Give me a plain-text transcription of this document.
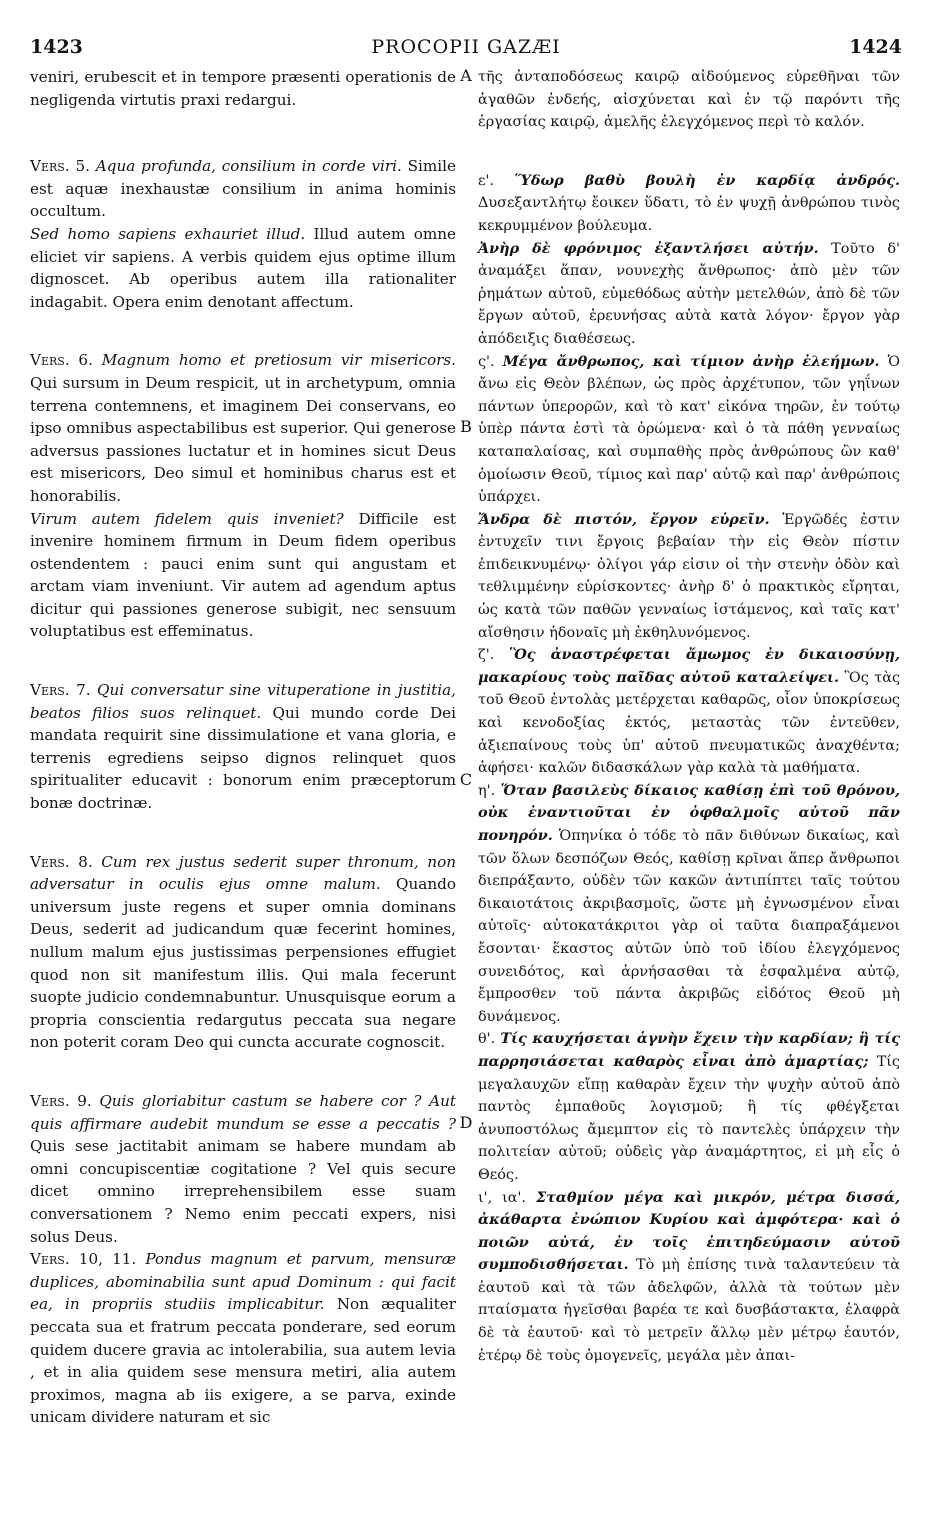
1423	PROCOPII GAZÆI	1424
A
B
C
D

veniri, erubescit et in tempore præsenti operationis de negligenda virtutis praxi redargui.

Vers. 5. Aqua profunda, consilium in corde viri. Simile est aquæ inexhaustæ consilium in anima hominis occultum.

Sed homo sapiens exhauriet illud. Illud autem omne eliciet vir sapiens. A verbis quidem ejus optime illum dignoscet. Ab operibus autem illa rationaliter indagabit. Opera enim denotant affectum.

Vers. 6. Magnum homo et pretiosum vir misericors. Qui sursum in Deum respicit, ut in archetypum, omnia terrena contemnens, et imaginem Dei conservans, eo ipso omnibus aspectabilibus est superior. Qui generose adversus passiones luctatur et in homines sicut Deus est misericors, Deo simul et hominibus charus est et honorabilis.

Virum autem fidelem quis inveniet? Difficile est invenire hominem firmum in Deum fidem operibus ostendentem : pauci enim sunt qui angustam et arctam viam inveniunt. Vir autem ad agendum aptus dicitur qui passiones generose subigit, nec sensuum voluptatibus est effeminatus.

Vers. 7. Qui conversatur sine vituperatione in justitia, beatos filios suos relinquet. Qui mundo corde Dei mandata requirit sine dissimulatione et vana gloria, e terrenis egrediens seipso dignos relinquet quos spiritualiter educavit : bonorum enim præceptorum bonæ doctrinæ.

Vers. 8. Cum rex justus sederit super thronum, non adversatur in oculis ejus omne malum. Quando universum juste regens et super omnia dominans Deus, sederit ad judicandum quæ fecerint homines, nullum malum ejus justissimas perpensiones effugiet quod non sit manifestum illis. Qui mala fecerunt suopte judicio condemnabuntur. Unusquisque eorum a propria conscientia redargutus peccata sua negare non poterit coram Deo qui cuncta accurate cognoscit.

Vers. 9. Quis gloriabitur castum se habere cor ? Aut quis affirmare audebit mundum se esse a peccatis ? Quis sese jactitabit animam se habere mundam ab omni concupiscentiæ cogitatione ? Vel quis secure dicet omnino irreprehensibilem esse suam conversationem ? Nemo enim peccati expers, nisi solus Deus.

Vers. 10, 11. Pondus magnum et parvum, mensuræ duplices, abominabilia sunt apud Dominum : qui facit ea, in propriis studiis implicabitur. Non æqualiter peccata sua et fratrum peccata ponderare, sed eorum quidem ducere gravia ac intolerabilia, sua autem levia , et in alia quidem sese mensura metiri, alia autem proximos, magna ab iis exigere, a se parva, exinde unicam dividere naturam et sic

τῆς ἀνταποδόσεως καιρῷ αἰδούμενος εὑρεθῆναι τῶν ἀγαθῶν ἐνδεής, αἰσχύνεται καὶ ἐν τῷ παρόντι τῆς ἐργασίας καιρῷ, ἀμελῆς ἐλεγχόμενος περὶ τὸ καλόν.

ε'. Ὕδωρ βαθὺ βουλὴ ἐν καρδίᾳ ἀνδρός. Δυσεξαντλήτῳ ἔοικεν ὕδατι, τὸ ἐν ψυχῇ ἀνθρώπου τινὸς κεκρυμμένον βούλευμα.

Ἀνὴρ δὲ φρόνιμος ἐξαντλήσει αὐτήν. Τοῦτο δ' ἀναμάξει ἅπαν, νουνεχὴς ἄνθρωπος· ἀπὸ μὲν τῶν ῥημάτων αὐτοῦ, εὐμεθόδως αὐτὴν μετελθών, ἀπὸ δὲ τῶν ἔργων αὐτοῦ, ἐρευνήσας αὐτὰ κατὰ λόγον· ἔργον γὰρ ἀπόδειξις διαθέσεως.

ς'. Μέγα ἄνθρωπος, καὶ τίμιον ἀνὴρ ἐλεήμων. Ὁ ἄνω εἰς Θεὸν βλέπων, ὡς πρὸς ἀρχέτυπον, τῶν γηΐνων πάντων ὑπερορῶν, καὶ τὸ κατ' εἰκόνα τηρῶν, ἐν τούτῳ ὑπὲρ πάντα ἐστὶ τὰ ὁρώμενα· καὶ ὁ τὰ πάθη γενναίως καταπαλαίσας, καὶ συμπαθὴς πρὸς ἀνθρώπους ὢν καθ' ὁμοίωσιν Θεοῦ, τίμιος καὶ παρ' αὐτῷ καὶ παρ' ἀνθρώποις ὑπάρχει.

Ἄνδρα δὲ πιστόν, ἔργον εὑρεῖν. Ἐργῶδές ἐστιν ἐντυχεῖν τινι ἔργοις βεβαίαν τὴν εἰς Θεὸν πίστιν ἐπιδεικνυμένῳ· ὀλίγοι γάρ εἰσιν οἱ τὴν στενὴν ὁδὸν καὶ τεθλιμμένην εὑρίσκοντες· ἀνὴρ δ' ὁ πρακτικὸς εἴρηται, ὡς κατὰ τῶν παθῶν γενναίως ἱστάμενος, καὶ ταῖς κατ' αἴσθησιν ἡδοναῖς μὴ ἐκθηλυνόμενος.

ζ'. Ὃς ἀναστρέφεται ἄμωμος ἐν δικαιοσύνῃ, μακαρίους τοὺς παῖδας αὐτοῦ καταλείψει. Ὃς τὰς τοῦ Θεοῦ ἐντολὰς μετέρχεται καθαρῶς, οἷον ὑποκρίσεως καὶ κενοδοξίας ἐκτός, μεταστὰς τῶν ἐντεῦθεν, ἀξιεπαίνους τοὺς ὑπ' αὐτοῦ πνευματικῶς ἀναχθέντα; ἀφήσει· καλῶν διδασκάλων γὰρ καλὰ τὰ μαθήματα.

η'. Ὅταν βασιλεὺς δίκαιος καθίσῃ ἐπὶ τοῦ θρόνου, οὐκ ἐναντιοῦται ἐν ὀφθαλμοῖς αὐτοῦ πᾶν πονηρόν. Ὁπηνίκα ὁ τόδε τὸ πᾶν διθύνων δικαίως, καὶ τῶν ὅλων δεσπόζων Θεός, καθίσῃ κρῖναι ἅπερ ἄνθρωποι διεπράξαντο, οὐδὲν τῶν κακῶν ἀντιπίπτει ταῖς τούτου δικαιοτάτοις ἀκριβασμοῖς, ὥστε μὴ ἐγνωσμένον εἶναι αὐτοῖς· αὐτοκατάκριτοι γὰρ οἱ ταῦτα διαπραξάμενοι ἔσονται· ἕκαστος αὐτῶν ὑπὸ τοῦ ἰδίου ἐλεγχόμενος συνειδότος, καὶ ἀρνήσασθαι τὰ ἐσφαλμένα αὐτῷ, ἔμπροσθεν τοῦ πάντα ἀκριβῶς εἰδότος Θεοῦ μὴ δυνάμενος.

θ'. Τίς καυχήσεται ἁγνὴν ἔχειν τὴν καρδίαν; ἢ τίς παρρησιάσεται καθαρὸς εἶναι ἀπὸ ἁμαρτίας; Τίς μεγαλαυχῶν εἴπῃ καθαρὰν ἔχειν τὴν ψυχὴν αὐτοῦ ἀπὸ παντὸς ἐμπαθοῦς λογισμοῦ; ἢ τίς φθέγξεται ἀνυποστόλως ἄμεμπτον εἰς τὸ παντελὲς ὑπάρχειν τὴν πολιτείαν αὐτοῦ; οὐδεὶς γὰρ ἀναμάρτητος, εἰ μὴ εἷς ὁ Θεός.

ι', ια'. Σταθμίον μέγα καὶ μικρόν, μέτρα δισσά, ἀκάθαρτα ἐνώπιον Κυρίου καὶ ἀμφότερα· καὶ ὁ ποιῶν αὐτά, ἐν τοῖς ἐπιτηδεύμασιν αὐτοῦ συμποδισθήσεται. Τὸ μὴ ἐπίσης τινὰ ταλαντεύειν τὰ ἑαυτοῦ καὶ τὰ τῶν ἀδελφῶν, ἀλλὰ τὰ τούτων μὲν πταίσματα ἡγεῖσθαι βαρέα τε καὶ δυσβάστακτα, ἐλαφρὰ δὲ τὰ ἑαυτοῦ· καὶ τὸ μετρεῖν ἄλλῳ μὲν μέτρῳ ἑαυτόν, ἑτέρῳ δὲ τοὺς ὁμογενεῖς, μεγάλα μὲν ἀπαι-
